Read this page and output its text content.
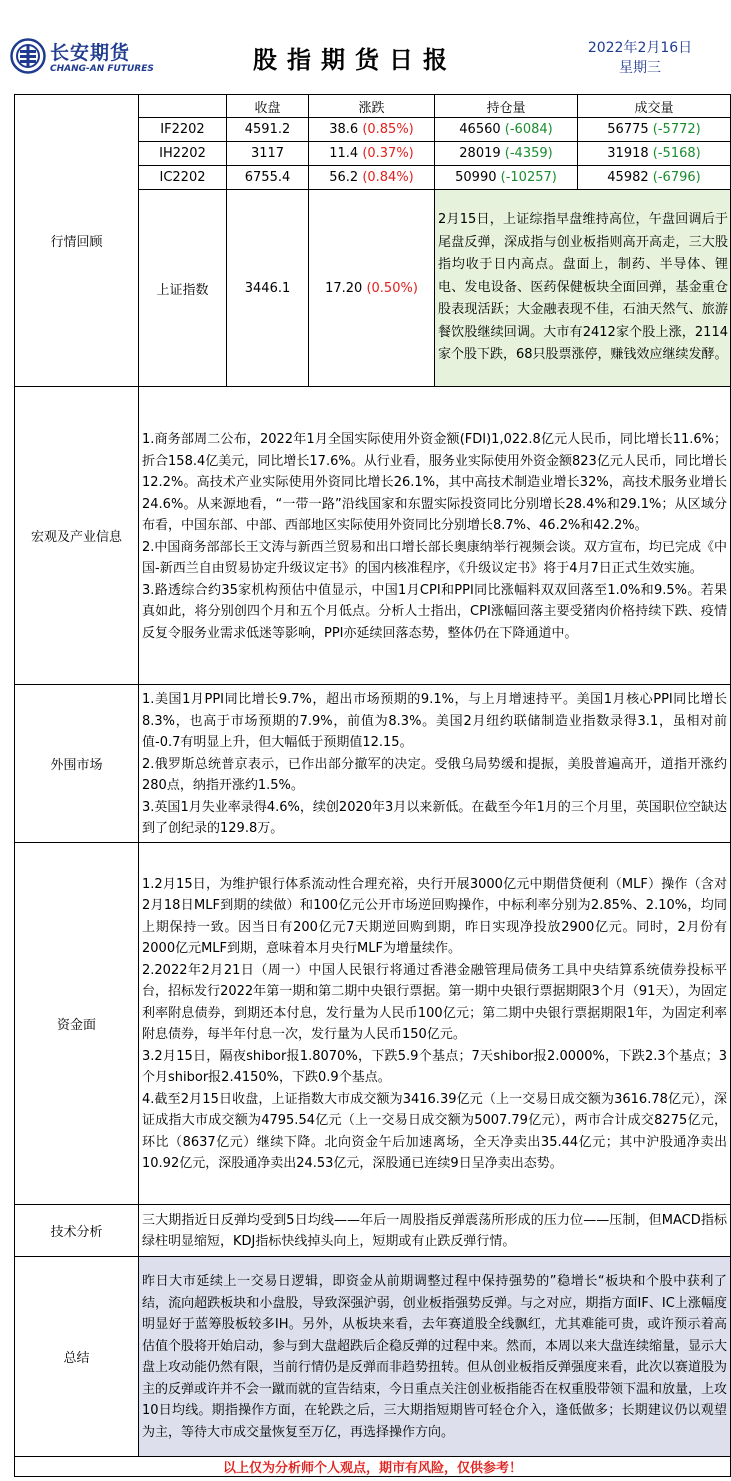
长安期货
CHANG-AN FUTURES	股指期货日报	2022年2月16日
星期三
行情回顾		收盘	涨跌	持仓量	成交量
	IF2202	4591.2	38.6 (0.85%)	46560 (-6084)	56775 (-5772)
	IH2202	3117	11.4 (0.37%)	28019 (-4359)	31918 (-5168)
	IC2202	6755.4	56.2 (0.84%)	50990 (-10257)	45982 (-6796)
	上证指数	3446.1	17.20 (0.50%)	2月15日，上证综指早盘维持高位，午盘回调后于尾盘反弹，深成指与创业板指则高开高走，三大股指均收于日内高点。盘面上，制药、半导体、锂电、发电设备、医药保健板块全面回弹，基金重仓股表现活跃；大金融表现不佳，石油天然气、旅游餐饮股继续回调。大市有2412家个股上涨，2114家个股下跌，68只股票涨停，赚钱效应继续发酵。	
宏观及产业信息	1.商务部周二公布，2022年1月全国实际使用外资金额(FDI)1,022.8亿元人民币，同比增长11.6%；折合158.4亿美元，同比增长17.6%。从行业看，服务业实际使用外资金额823亿元人民币，同比增长12.2%。高技术产业实际使用外资同比增长26.1%，其中高技术制造业增长32%，高技术服务业增长24.6%。从来源地看，“一带一路”沿线国家和东盟实际投资同比分别增长28.4%和29.1%；从区域分布看，中国东部、中部、西部地区实际使用外资同比分别增长8.7%、46.2%和42.2%。
2.中国商务部部长王文涛与新西兰贸易和出口增长部长奥康纳举行视频会谈。双方宣布，均已完成《中国-新西兰自由贸易协定升级议定书》的国内核准程序，《升级议定书》将于4月7日正式生效实施。
3.路透综合约35家机构预估中值显示，中国1月CPI和PPI同比涨幅料双双回落至1.0%和9.5%。若果真如此，将分别创四个月和五个月低点。分析人士指出，CPI涨幅回落主要受猪肉价格持续下跌、疫情反复令服务业需求低迷等影响，PPI亦延续回落态势，整体仍在下降通道中。				

外围市场	1.美国1月PPI同比增长9.7%，超出市场预期的9.1%，与上月增速持平。美国1月核心PPI同比增长8.3%，也高于市场预期的7.9%，前值为8.3%。美国2月纽约联储制造业指数录得3.1，虽相对前值-0.7有明显上升，但大幅低于预期值12.15。
2.俄罗斯总统普京表示，已作出部分撤军的决定。受俄乌局势缓和提振，美股普遍高开，道指开涨约280点，纳指开涨约1.5%。
3.英国1月失业率录得4.6%，续创2020年3月以来新低。在截至今年1月的三个月里，英国职位空缺达到了创纪录的129.8万。				

资金面	1.2月15日，为维护银行体系流动性合理充裕，央行开展3000亿元中期借贷便利（MLF）操作（含对2月18日MLF到期的续做）和100亿元公开市场逆回购操作，中标利率分别为2.85%、2.10%，均同上期保持一致。因当日有200亿元7天期逆回购到期，昨日实现净投放2900亿元。同时，2月份有2000亿元MLF到期，意味着本月央行MLF为增量续作。
2.2022年2月21日（周一）中国人民银行将通过香港金融管理局债务工具中央结算系统债券投标平台，招标发行2022年第一期和第二期中央银行票据。第一期中央银行票据期限3个月（91天），为固定利率附息债券，到期还本付息，发行量为人民币100亿元；第二期中央银行票据期限1年，为固定利率附息债券，每半年付息一次，发行量为人民币150亿元。
3.2月15日，隔夜shibor报1.8070%，下跌5.9个基点；7天shibor报2.0000%，下跌2.3个基点；3个月shibor报2.4150%，下跌0.9个基点。
4.截至2月15日收盘，上证指数大市成交额为3416.39亿元（上一交易日成交额为3616.78亿元），深证成指大市成交额为4795.54亿元（上一交易日成交额为5007.79亿元），两市合计成交8275亿元，环比（8637亿元）继续下降。北向资金午后加速离场，全天净卖出35.44亿元；其中沪股通净卖出10.92亿元，深股通净卖出24.53亿元，深股通已连续9日呈净卖出态势。				

技术分析	三大期指近日反弹均受到5日均线——年后一周股指反弹震荡所形成的压力位——压制，但MACD指标绿柱明显缩短，KDJ指标快线掉头向上，短期或有止跌反弹行情。				
总结	昨日大市延续上一交易日逻辑，即资金从前期调整过程中保持强势的”稳增长“板块和个股中获利了结，流向超跌板块和小盘股，导致深强沪弱，创业板指强势反弹。与之对应，期指方面IF、IC上涨幅度明显好于蓝筹股板较多IH。另外，从板块来看，去年赛道股全线飘红，尤其难能可贵，或许预示着高估值个股将开始启动，参与到大盘超跌后企稳反弹的过程中来。然而，本周以来大盘连续缩量，显示大盘上攻动能仍然有限，当前行情仍是反弹而非趋势扭转。但从创业板指反弹强度来看，此次以赛道股为主的反弹或许并不会一蹴而就的宣告结束，今日重点关注创业板指能否在权重股带领下温和放量，上攻10日均线。期指操作方面，在轮跌之后，三大期指短期皆可轻仓介入，逢低做多；长期建议仍以观望为主，等待大市成交量恢复至万亿，再选择操作方向。				
以上仅为分析师个人观点，期市有风险，仅供参考！					
